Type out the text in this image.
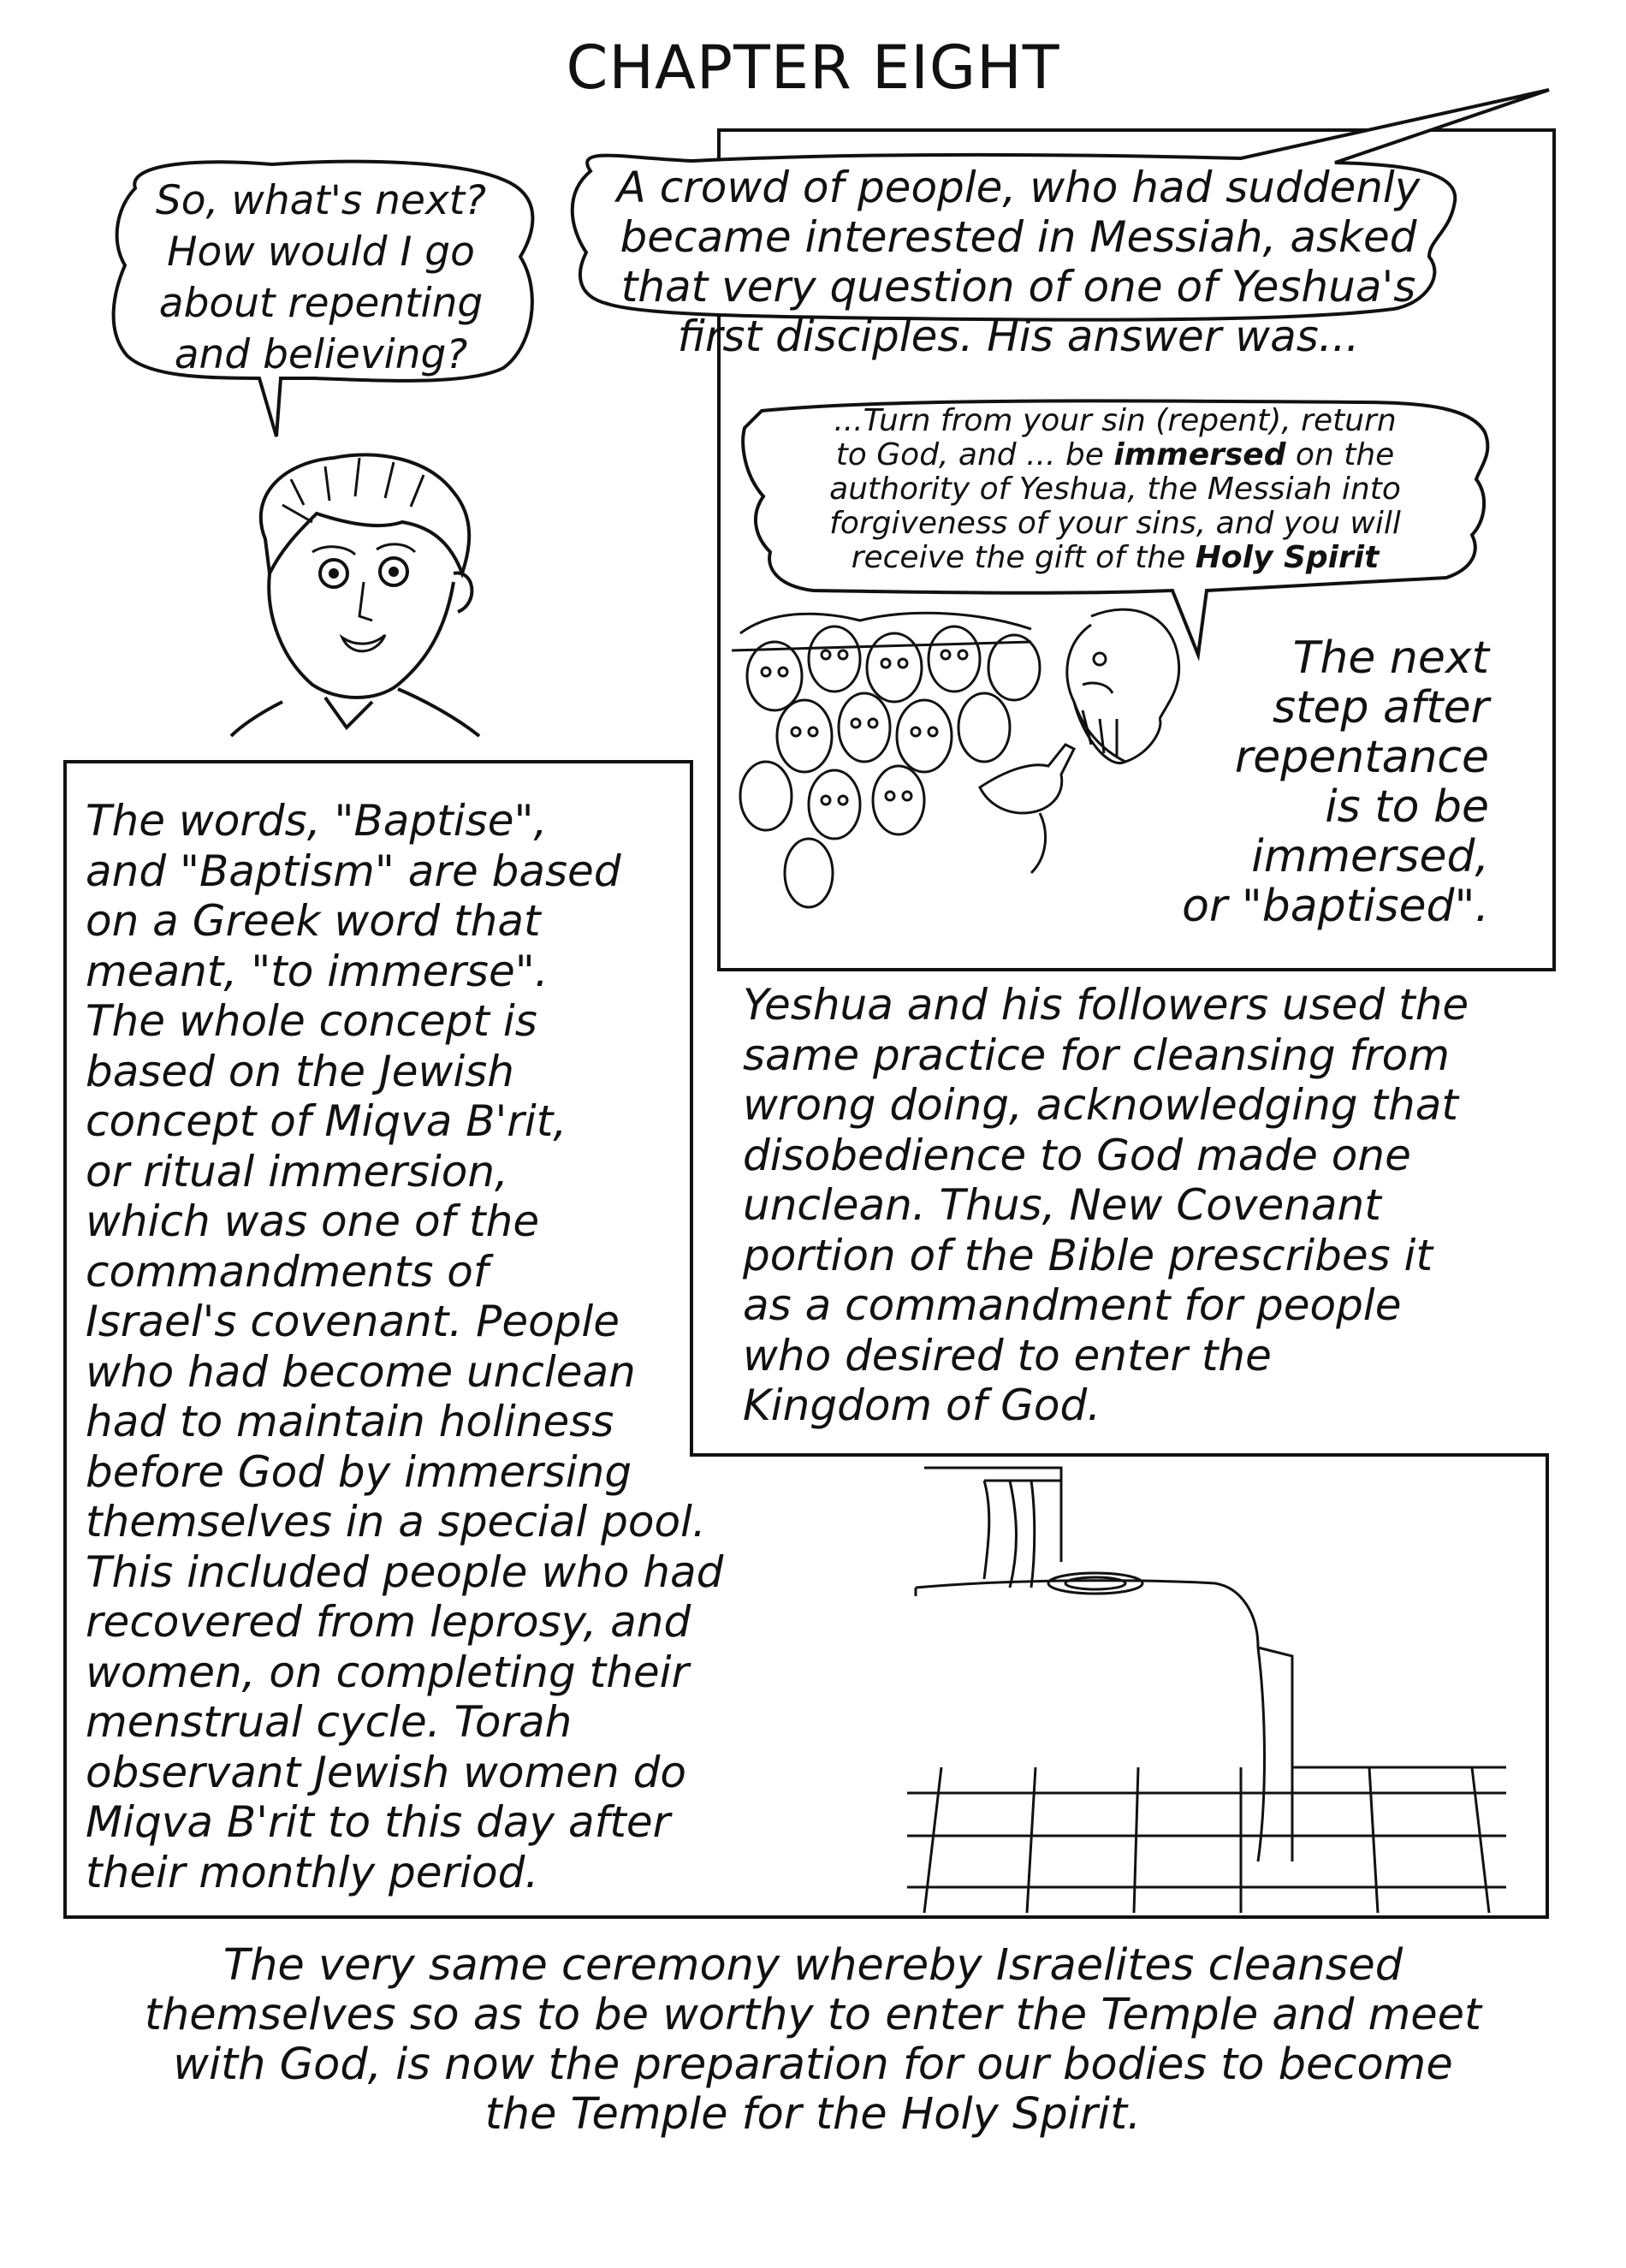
CHAPTER EIGHT
So, what's next?
How would I go
about repenting
and believing?
A crowd of people, who had suddenly
became interested in Messiah, asked
that very question of one of Yeshua's
first disciples. His answer was...
...Turn from your sin (repent), return
to God, and ... be immersed on the
authority of Yeshua, the Messiah into
forgiveness of your sins, and you will
receive the gift of the Holy Spirit
The next
step after
repentance
is to be
immersed,
or "baptised".
The words, "Baptise",
and "Baptism" are based
on a Greek word that
meant, "to immerse".
The whole concept is
based on the Jewish
concept of Miqva B'rit,
or ritual immersion,
which was one of the
commandments of
Israel's covenant. People
who had become unclean
had to maintain holiness
before God by immersing
themselves in a special pool.
This included people who had
recovered from leprosy, and
women, on completing their
menstrual cycle. Torah
observant Jewish women do
Miqva B'rit to this day after
their monthly period.
Yeshua and his followers used the
same practice for cleansing from
wrong doing, acknowledging that
disobedience to God made one
unclean. Thus, New Covenant
portion of the Bible prescribes it
as a commandment for people
who desired to enter the
Kingdom of God.
The very same ceremony whereby Israelites cleansed
themselves so as to be worthy to enter the Temple and meet
with God, is now the preparation for our bodies to become
the Temple for the Holy Spirit.
